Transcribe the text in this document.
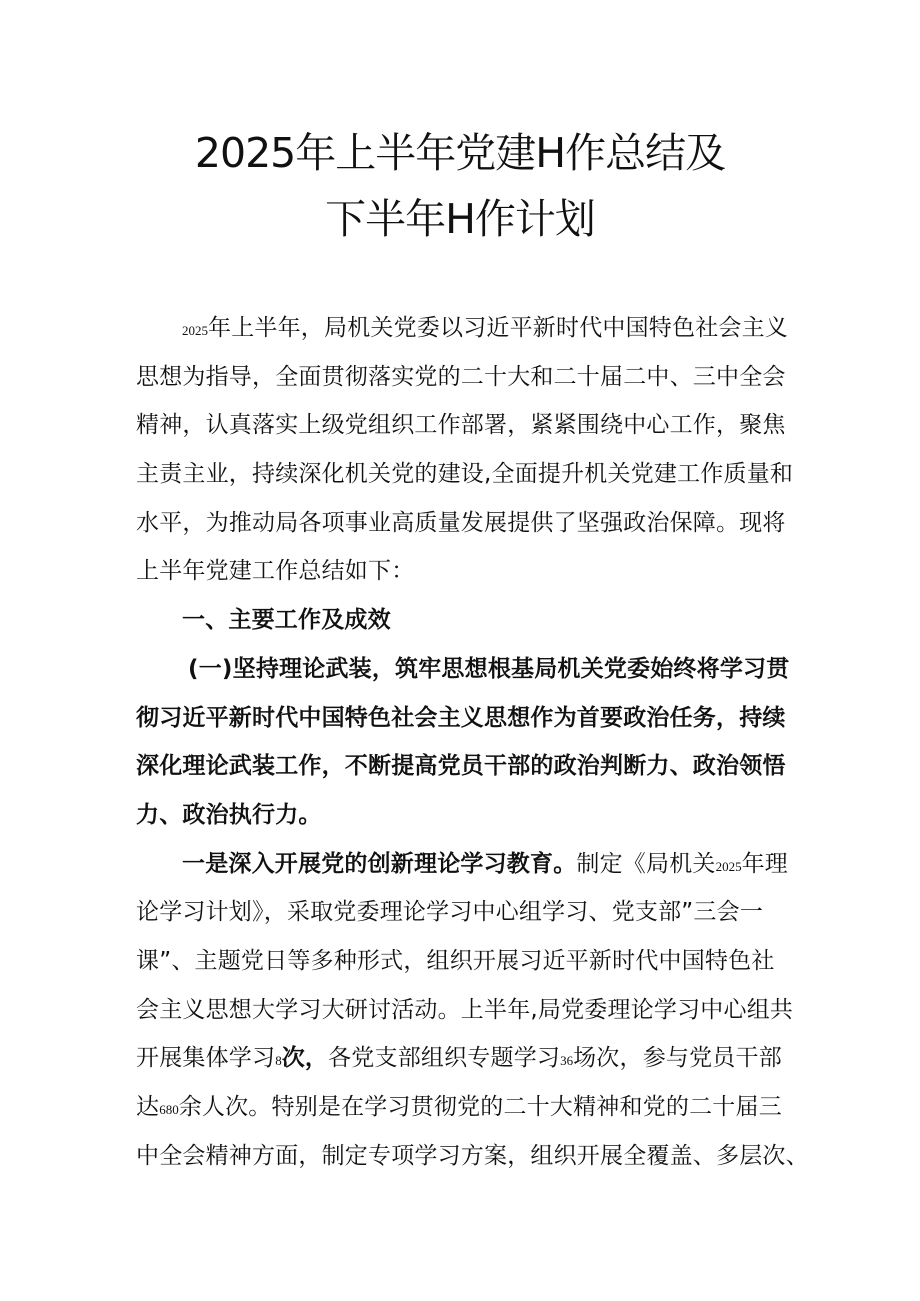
2025年上半年党建H作总结及
下半年H作计划
2025年上半年，局机关党委以习近平新时代中国特色社会主义
思想为指导，全面贯彻落实党的二十大和二十届二中、三中全会
精神，认真落实上级党组织工作部署，紧紧围绕中心工作，聚焦
主责主业，持续深化机关党的建设,全面提升机关党建工作质量和
水平，为推动局各项事业高质量发展提供了坚强政治保障。现将
上半年党建工作总结如下：
一、主要工作及成效
(一)坚持理论武装，筑牢思想根基局机关党委始终将学习贯
彻习近平新时代中国特色社会主义思想作为首要政治任务，持续
深化理论武装工作，不断提高党员干部的政治判断力、政治领悟
力、政治执行力。
一是深入开展党的创新理论学习教育。制定《局机关2025年理
论学习计划》，采取党委理论学习中心组学习、党支部”三会一
课”、主题党日等多种形式，组织开展习近平新时代中国特色社
会主义思想大学习大研讨活动。上半年,局党委理论学习中心组共
开展集体学习8次，各党支部组织专题学习36场次，参与党员干部
达680余人次。特别是在学习贯彻党的二十大精神和党的二十届三
中全会精神方面，制定专项学习方案，组织开展全覆盖、多层次、
